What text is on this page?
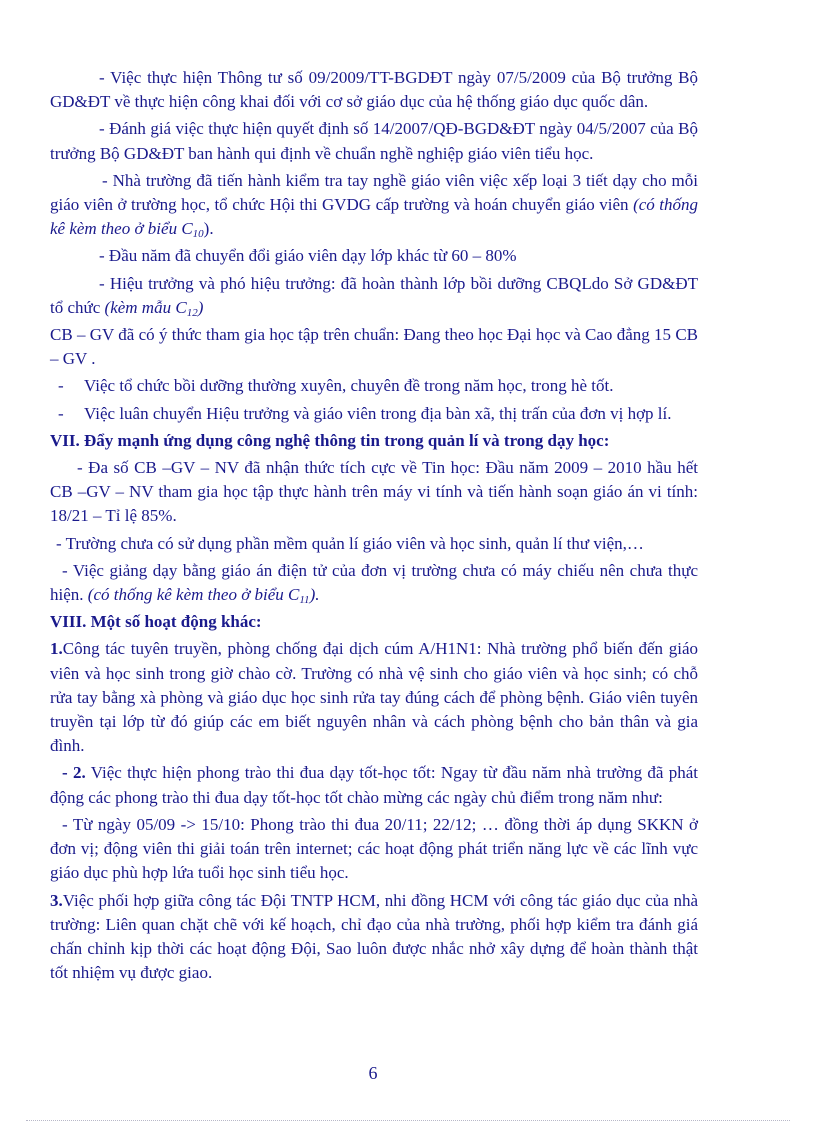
- Việc thực hiện Thông tư số 09/2009/TT-BGDĐT ngày 07/5/2009 của Bộ trưởng Bộ GD&ĐT về thực hiện công khai đối với cơ sở giáo dục của hệ thống giáo dục quốc dân.

- Đánh giá việc thực hiện quyết định số 14/2007/QĐ-BGD&ĐT ngày 04/5/2007 của Bộ trưởng Bộ GD&ĐT ban hành qui định về chuẩn nghề nghiệp giáo viên tiểu học.

- Nhà trường đã tiến hành kiểm tra tay nghề giáo viên việc xếp loại 3 tiết dạy cho mỗi giáo viên ở trường học, tổ chức Hội thi GVDG cấp trường và hoán chuyển giáo viên (có thống kê kèm theo ở biểu $C_{10}$).

- Đầu năm đã chuyển đổi giáo viên dạy lớp khác từ 60 – 80%

- Hiệu trưởng và phó hiệu trưởng: đã hoàn thành lớp bồi dưỡng CBQLdo Sở GD&ĐT tổ chức (kèm mẫu $C_{12}$)

CB – GV đã có ý thức tham gia học tập trên chuẩn: Đang theo học Đại học và Cao đẳng 15 CB – GV .

-	Việc tổ chức bồi dưỡng thường xuyên, chuyên đề trong năm học, trong hè tốt.
-	Việc luân chuyển Hiệu trưởng và giáo viên trong địa bàn xã, thị trấn của đơn vị hợp lí.

VII. Đẩy mạnh ứng dụng công nghệ thông tin trong quản lí và trong dạy học:

- Đa số CB –GV – NV đã nhận thức tích cực về Tin học: Đầu năm 2009 – 2010 hầu hết CB –GV – NV tham gia học tập thực hành trên máy vi tính và tiến hành soạn giáo án vi tính: 18/21 – Tỉ lệ 85%.

- Trường chưa có sử dụng phần mềm quản lí giáo viên và học sinh, quản lí thư viện,…

- Việc giảng dạy bằng giáo án điện tử của đơn vị trường chưa có máy chiếu nên chưa thực hiện. (có thống kê kèm theo ở biểu $C_{11}$).

VIII. Một số hoạt động khác:

1.Công tác tuyên truyền, phòng chống đại dịch cúm A/H1N1: Nhà trường phổ biến đến giáo viên và học sinh trong giờ chào cờ. Trường có nhà vệ sinh cho giáo viên và học sinh; có chỗ rửa tay bằng xà phòng và giáo dục học sinh rửa tay đúng cách để phòng bệnh. Giáo viên tuyên truyền tại lớp từ đó giúp các em biết nguyên nhân và cách phòng bệnh cho bản thân và gia đình.

- 2. Việc thực hiện phong trào thi đua dạy tốt-học tốt: Ngay từ đầu năm nhà trường đã phát động các phong trào thi đua dạy tốt-học tốt chào mừng các ngày chủ điểm trong năm như:

- Từ ngày 05/09 -> 15/10: Phong trào thi đua 20/11; 22/12; … đồng thời áp dụng SKKN ở đơn vị; động viên thi giải toán trên internet; các hoạt động phát triển năng lực về các lĩnh vực giáo dục phù hợp lứa tuổi học sinh tiểu học.

3.Việc phối hợp giữa công tác Đội TNTP HCM, nhi đồng HCM với công tác giáo dục của nhà trường: Liên quan chặt chẽ với kế hoạch, chỉ đạo của nhà trường, phối hợp kiểm tra đánh giá chấn chỉnh kịp thời các hoạt động Đội, Sao luôn được nhắc nhở xây dựng để hoàn thành thật tốt nhiệm vụ được giao.

6
